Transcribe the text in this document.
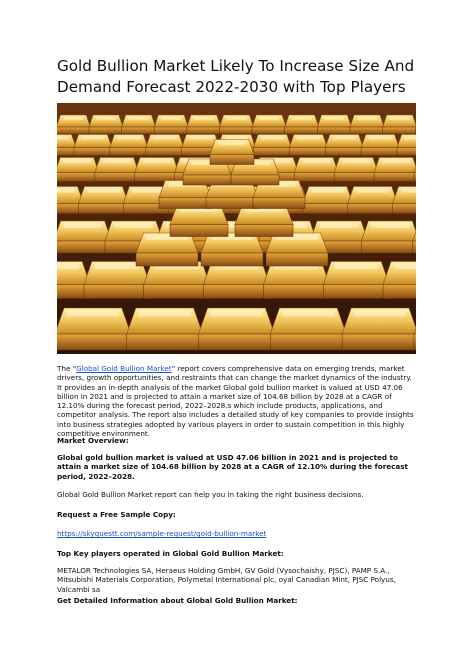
Gold Bullion Market Likely To Increase Size And Demand Forecast 2022-2030 with Top Players

The “Global Gold Bullion Market” report covers comprehensive data on emerging trends, market drivers, growth opportunities, and restraints that can change the market dynamics of the industry. It provides an in-depth analysis of the market Global gold bullion market is valued at USD 47.06 billion in 2021 and is projected to attain a market size of 104.68 billion by 2028 at a CAGR of 12.10% during the forecast period, 2022–2028.s which include products, applications, and competitor analysis. The report also includes a detailed study of key companies to provide insights into business strategies adopted by various players in order to sustain competition in this highly competitive environment.

Market Overview:

Global gold bullion market is valued at USD 47.06 billion in 2021 and is projected to attain a market size of 104.68 billion by 2028 at a CAGR of 12.10% during the forecast period, 2022–2028.

Global Gold Bullion Market report can help you in taking the right business decisions.

Request a Free Sample Copy:

https://skyquestt.com/sample-request/gold-bullion-market

Top Key players operated in Global Gold Bullion Market:

METALOR Technologies SA, Heraeus Holding GmbH, GV Gold (Vysochaishy, PJSC), PAMP S.A., Mitsubishi Materials Corporation, Polymetal International plc, oyal Canadian Mint, PJSC Polyus, Valcambi sa

Get Detailed Information about Global Gold Bullion Market:
